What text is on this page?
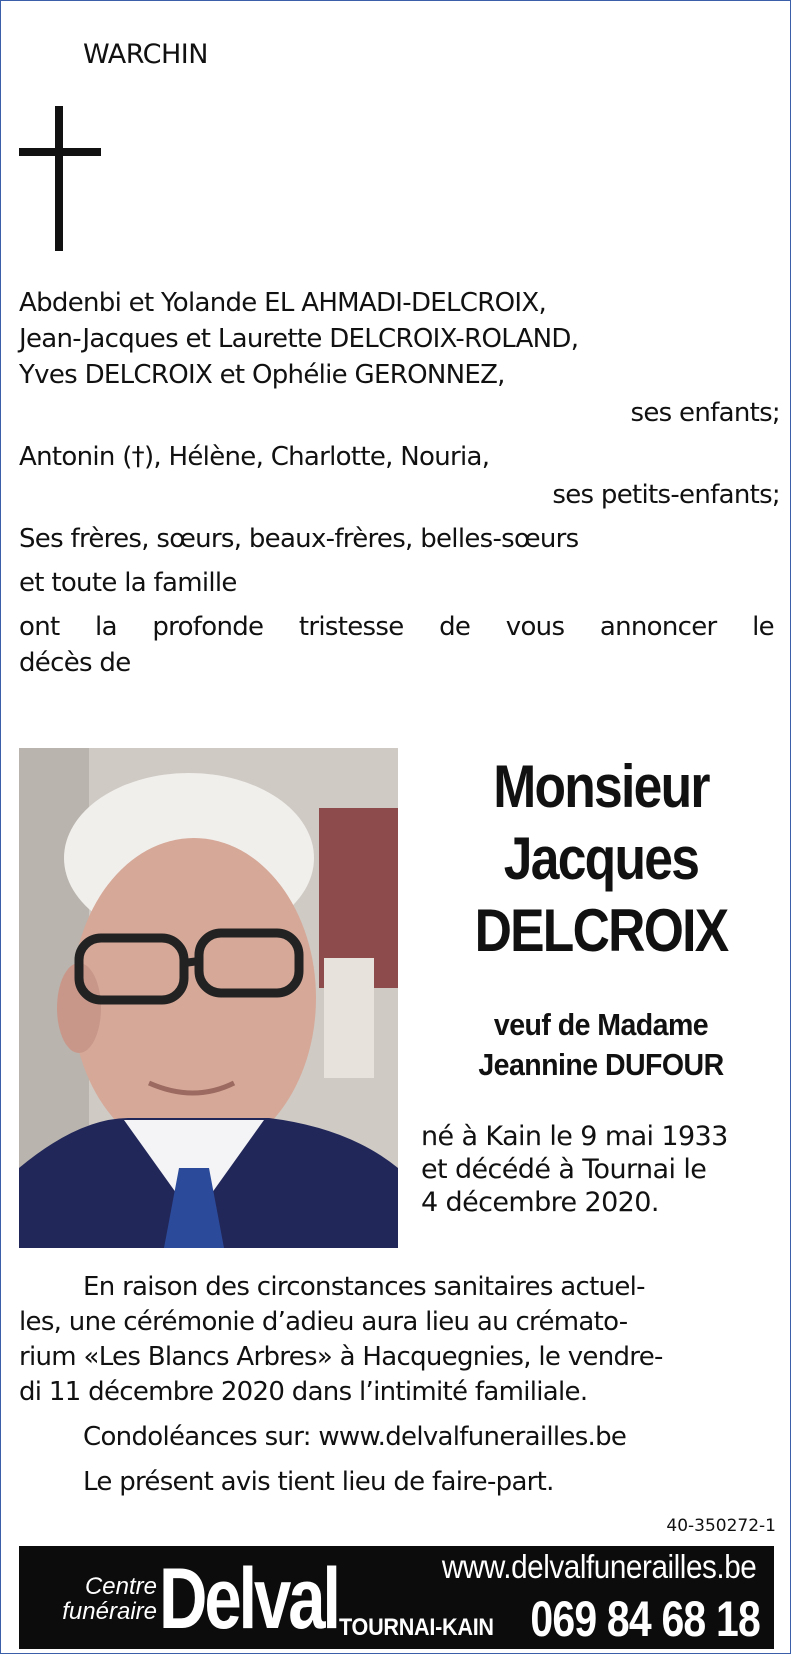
WARCHIN
Abdenbi et Yolande EL AHMADI-DELCROIX,
Jean-Jacques et Laurette DELCROIX-ROLAND,
Yves DELCROIX et Ophélie GERONNEZ,
ses enfants;
Antonin (†), Hélène, Charlotte, Nouria,
ses petits-enfants;
Ses frères, sœurs, beaux-frères, belles-sœurs
et toute la famille
ont la profonde tristesse de vous annoncer le
décès de
Monsieur
Jacques
DELCROIX
veuf de Madame
Jeannine DUFOUR
né à Kain le 9 mai 1933
et décédé à Tournai le
4 décembre 2020.
En raison des circonstances sanitaires actuel-
les, une cérémonie d’adieu aura lieu au crémato-
rium «Les Blancs Arbres» à Hacquegnies, le vendre-
di 11 décembre 2020 dans l’intimité familiale.
Condoléances sur: www.delvalfunerailles.be
Le présent avis tient lieu de faire-part.
40-350272-1
Centre
funéraire Delval	www.delvalfunerailles.be
TOURNAI-KAIN 069 84 68 18
